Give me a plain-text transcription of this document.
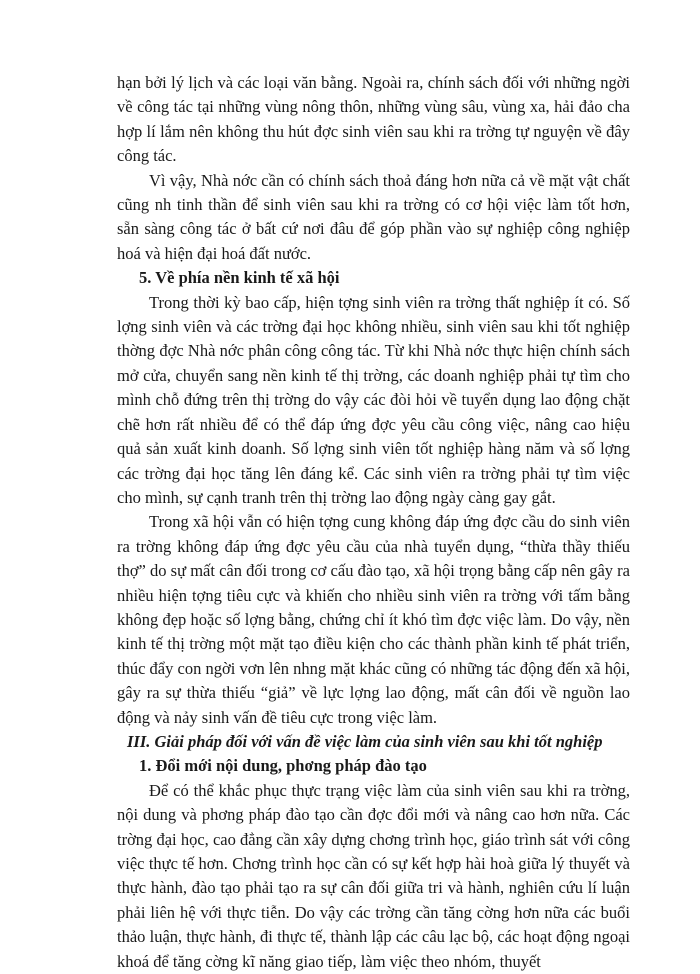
hạn bởi lý lịch và các loại văn bằng. Ngoài ra, chính sách đối với những ngời về công tác tại những vùng nông thôn, những vùng sâu, vùng xa, hải đảo cha hợp lí lắm nên không thu hút đợc sinh viên sau khi ra trờng tự nguyện về đây công tác.

Vì vậy, Nhà nớc cần có chính sách thoả đáng hơn nữa cả về mặt vật chất cũng nh tinh thần để sinh viên sau khi ra trờng có cơ hội việc làm tốt hơn, sẵn sàng công tác ở bất cứ nơi đâu để góp phần vào sự nghiệp công nghiệp hoá và hiện đại hoá đất nước.

5. Về phía nền kinh tế xã hội

Trong thời kỳ bao cấp, hiện tợng sinh viên ra trờng thất nghiệp ít có. Số lợng sinh viên và các trờng đại học không nhiều, sinh viên sau khi tốt nghiệp thờng đợc Nhà nớc phân công công tác. Từ khi Nhà nớc thực hiện chính sách mở cửa, chuyển sang nền kinh tế thị trờng, các doanh nghiệp phải tự tìm cho mình chỗ đứng trên thị trờng do vậy các đòi hỏi về tuyển dụng lao động chặt chẽ hơn rất nhiều để có thể đáp ứng đợc yêu cầu công việc, nâng cao hiệu quả sản xuất kinh doanh. Số lợng sinh viên tốt nghiệp hàng năm và số lợng các trờng đại học tăng lên đáng kể. Các sinh viên ra trờng phải tự tìm việc cho mình, sự cạnh tranh trên thị trờng lao động ngày càng gay gắt.

Trong xã hội vẫn có hiện tợng cung không đáp ứng đợc cầu do sinh viên ra trờng không đáp ứng đợc yêu cầu của nhà tuyển dụng, “thừa thầy thiếu thợ” do sự mất cân đối trong cơ cấu đào tạo, xã hội trọng bằng cấp nên gây ra nhiều hiện tợng tiêu cực và khiến cho nhiều sinh viên ra trờng với tấm bằng không đẹp hoặc số lợng bằng, chứng chỉ ít khó tìm đợc việc làm. Do vậy, nền kinh tế thị trờng một mặt tạo điều kiện cho các thành phần kinh tế phát triển, thúc đẩy con ngời vơn lên nhng mặt khác cũng có những tác động đến xã hội, gây ra sự thừa thiếu “giả” về lực lợng lao động, mất cân đối về nguồn lao động và nảy sinh vấn đề tiêu cực trong việc làm.

III. Giải pháp đối với vấn đề việc làm của sinh viên sau khi tốt nghiệp

1. Đổi mới nội dung, phơng pháp đào tạo

Để có thể khắc phục thực trạng việc làm của sinh viên sau khi ra trờng, nội dung và phơng pháp đào tạo cần đợc đổi mới và nâng cao hơn nữa. Các trờng đại học, cao đẳng cần xây dựng chơng trình học, giáo trình sát với công việc thực tế hơn. Chơng trình học cần có sự kết hợp hài hoà giữa lý thuyết và thực hành, đào tạo phải tạo ra sự cân đối giữa tri và hành, nghiên cứu lí luận phải liên hệ với thực tiễn. Do vậy các trờng cần tăng cờng hơn nữa các buổi thảo luận, thực hành, đi thực tế, thành lập các câu lạc bộ, các hoạt động ngoại khoá để tăng cờng kĩ năng giao tiếp, làm việc theo nhóm, thuyết
